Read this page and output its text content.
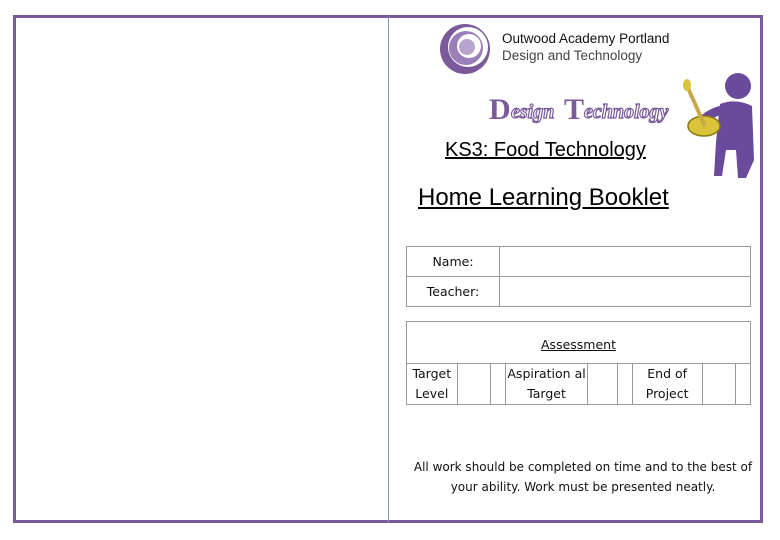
Outwood Academy Portland
Design and Technology
D esign T echnology
KS3: Food Technology
Home Learning Booklet
Name:	
Teacher:	
Assessment
Target Level			Aspiration al Target			End of Project		
All work should be completed on time and to the best of your ability. Work must be presented neatly.
